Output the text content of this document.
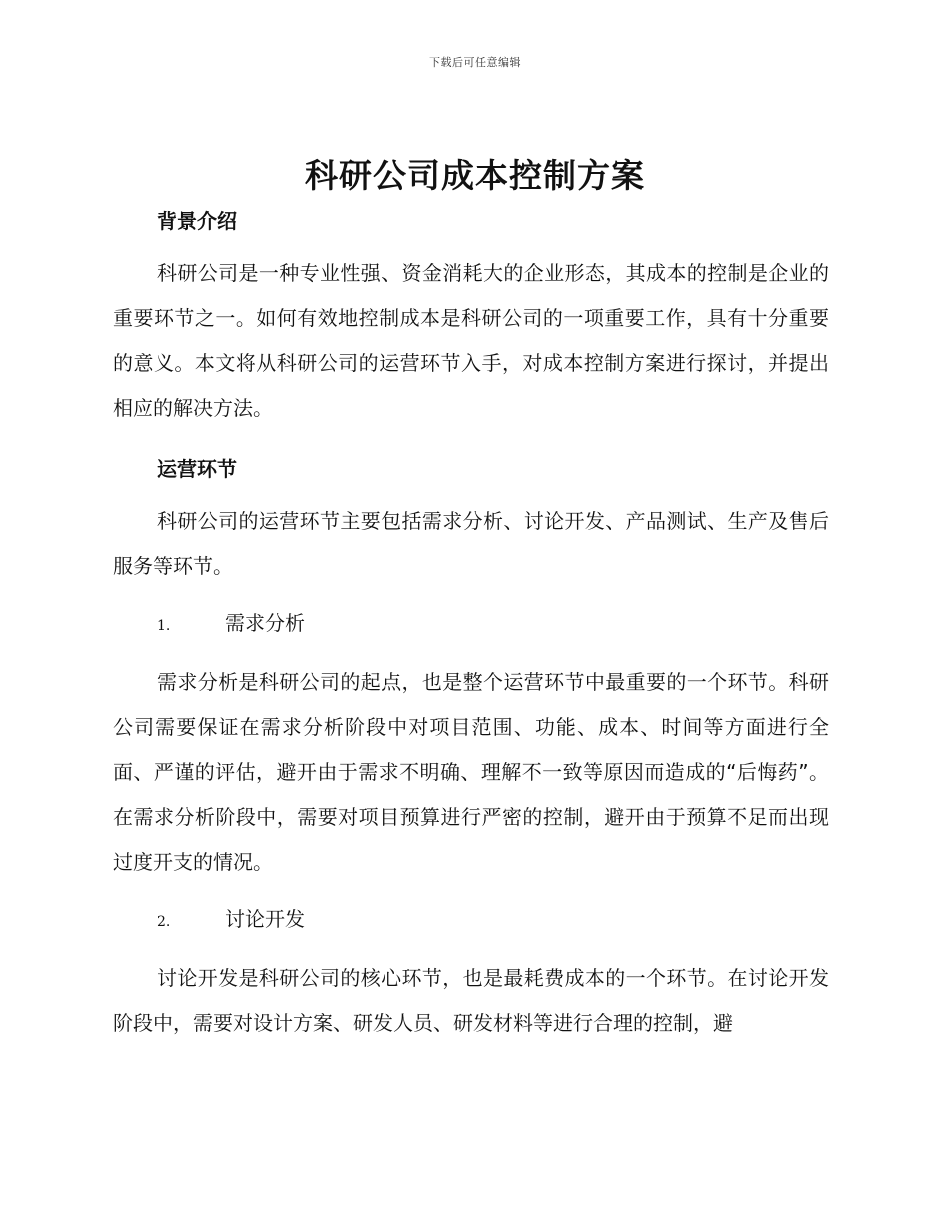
下载后可任意编辑
科研公司成本控制方案

背景介绍

科研公司是一种专业性强、资金消耗大的企业形态，其成本的控制是企业的重要环节之一。如何有效地控制成本是科研公司的一项重要工作，具有十分重要的意义。本文将从科研公司的运营环节入手，对成本控制方案进行探讨，并提出相应的解决方法。

运营环节

科研公司的运营环节主要包括需求分析、讨论开发、产品测试、生产及售后服务等环节。

1.	需求分析

需求分析是科研公司的起点，也是整个运营环节中最重要的一个环节。科研公司需要保证在需求分析阶段中对项目范围、功能、成本、时间等方面进行全面、严谨的评估，避开由于需求不明确、理解不一致等原因而造成的“后悔药”。在需求分析阶段中，需要对项目预算进行严密的控制，避开由于预算不足而出现过度开支的情况。

2.	讨论开发

讨论开发是科研公司的核心环节，也是最耗费成本的一个环节。在讨论开发阶段中，需要对设计方案、研发人员、研发材料等进行合理的控制，避
